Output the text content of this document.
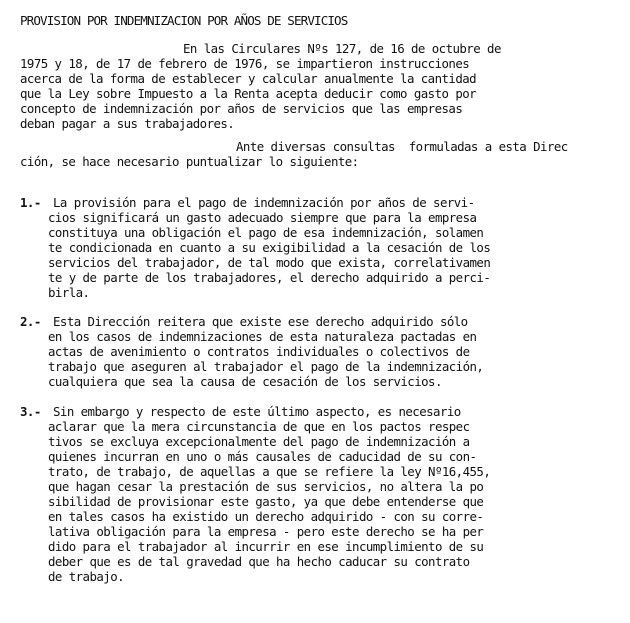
PROVISION POR INDEMNIZACION POR AÑOS DE SERVICIOS
En las Circulares Nºs 127, de 16 de octubre de
1975 y 18, de 17 de febrero de 1976, se impartieron instrucciones
acerca de la forma de establecer y calcular anualmente la cantidad
que la Ley sobre Impuesto a la Renta acepta deducir como gasto por
concepto de indemnización por años de servicios que las empresas
deban pagar a sus trabajadores.
Ante diversas consultas  formuladas a esta Direc
ción, se hace necesario puntualizar lo siguiente:
1.- La provisión para el pago de indemnización por años de servi-
cios significará un gasto adecuado siempre que para la empresa
constituya una obligación el pago de esa indemnización, solamen
te condicionada en cuanto a su exigibilidad a la cesación de los
servicios del trabajador, de tal modo que exista, correlativamen
te y de parte de los trabajadores, el derecho adquirido a perci-
birla.
2.- Esta Dirección reitera que existe ese derecho adquirido sólo
en los casos de indemnizaciones de esta naturaleza pactadas en
actas de avenimiento o contratos individuales o colectivos de
trabajo que aseguren al trabajador el pago de la indemnización,
cualquiera que sea la causa de cesación de los servicios.
3.- Sin embargo y respecto de este último aspecto, es necesario
aclarar que la mera circunstancia de que en los pactos respec
tivos se excluya excepcionalmente del pago de indemnización a
quienes incurran en uno o más causales de caducidad de su con-
trato, de trabajo, de aquellas a que se refiere la ley Nº16,455,
que hagan cesar la prestación de sus servicios, no altera la po
sibilidad de provisionar este gasto, ya que debe entenderse que
en tales casos ha existido un derecho adquirido - con su corre-
lativa obligación para la empresa - pero este derecho se ha per
dido para el trabajador al incurrir en ese incumplimiento de su
deber que es de tal gravedad que ha hecho caducar su contrato
de trabajo.
